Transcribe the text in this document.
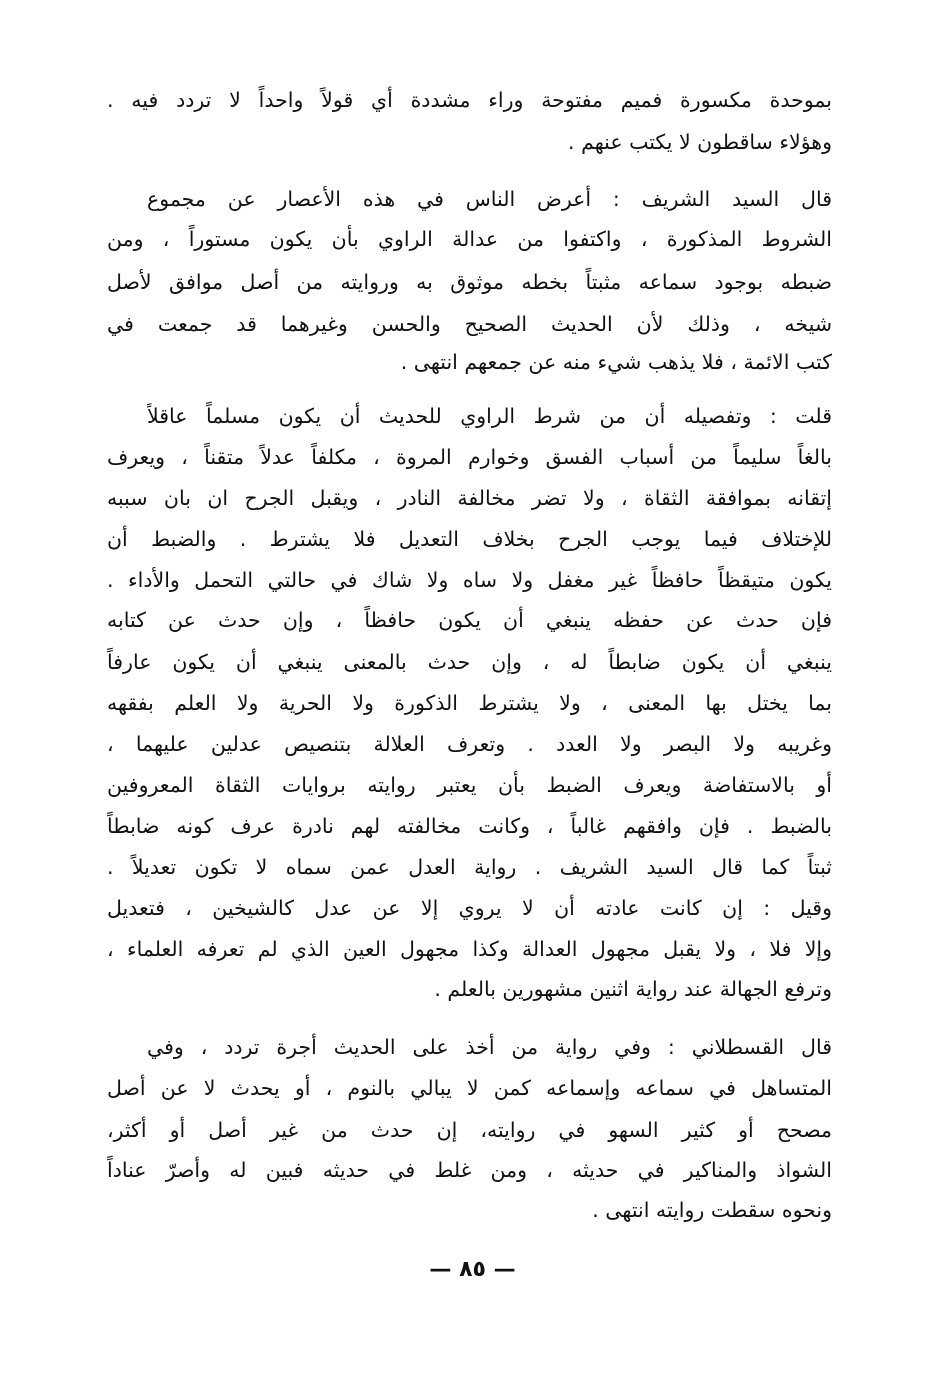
بموحدة مكسورة فميم مفتوحة وراء مشددة أي قولاً واحداً لا تردد فيه .
وهؤلاء ساقطون لا يكتب عنهم .
قال السيد الشريف : أعرض الناس في هذه الأعصار عن مجموع
الشروط المذكورة ، واكتفوا من عدالة الراوي بأن يكون مستوراً ، ومن
ضبطه بوجود سماعه مثبتاً بخطه موثوق به وروايته من أصل موافق لأصل
شيخه ، وذلك لأن الحديث الصحيح والحسن وغيرهما قد جمعت في
كتب الائمة ، فلا يذهب شيء منه عن جمعهم انتهى .
قلت : وتفصيله أن من شرط الراوي للحديث أن يكون مسلماً عاقلاً
بالغاً سليماً من أسباب الفسق وخوارم المروة ، مكلفاً عدلاً متقناً ، ويعرف
إتقانه بموافقة الثقاة ، ولا تضر مخالفة النادر ، ويقبل الجرح ان بان سببه
للإختلاف فيما يوجب الجرح بخلاف التعديل فلا يشترط . والضبط أن
يكون متيقظاً حافظاً غير مغفل ولا ساه ولا شاك في حالتي التحمل والأداء .
فإن حدث عن حفظه ينبغي أن يكون حافظاً ، وإن حدث عن كتابه
ينبغي أن يكون ضابطاً له ، وإن حدث بالمعنى ينبغي أن يكون عارفاً
بما يختل بها المعنى ، ولا يشترط الذكورة ولا الحرية ولا العلم بفقهه
وغريبه ولا البصر ولا العدد . وتعرف العلالة بتنصيص عدلين عليهما ،
أو بالاستفاضة ويعرف الضبط بأن يعتبر روايته بروايات الثقاة المعروفين
بالضبط . فإن وافقهم غالباً ، وكانت مخالفته لهم نادرة عرف كونه ضابطاً
ثبتاً كما قال السيد الشريف . رواية العدل عمن سماه لا تكون تعديلاً .
وقيل : إن كانت عادته أن لا يروي إلا عن عدل كالشيخين ، فتعديل
وإلا فلا ، ولا يقبل مجهول العدالة وكذا مجهول العين الذي لم تعرفه العلماء ،
وترفع الجهالة عند رواية اثنين مشهورين بالعلم .
قال القسطلاني : وفي رواية من أخذ على الحديث أجرة تردد ، وفي
المتساهل في سماعه وإسماعه كمن لا يبالي بالنوم ، أو يحدث لا عن أصل
مصحح أو كثير السهو في روايته، إن حدث من غير أصل أو أكثر،
الشواذ والمناكير في حديثه ، ومن غلط في حديثه فبين له وأصرّ عناداً
ونحوه سقطت روايته انتهى .
— ٨٥ —
